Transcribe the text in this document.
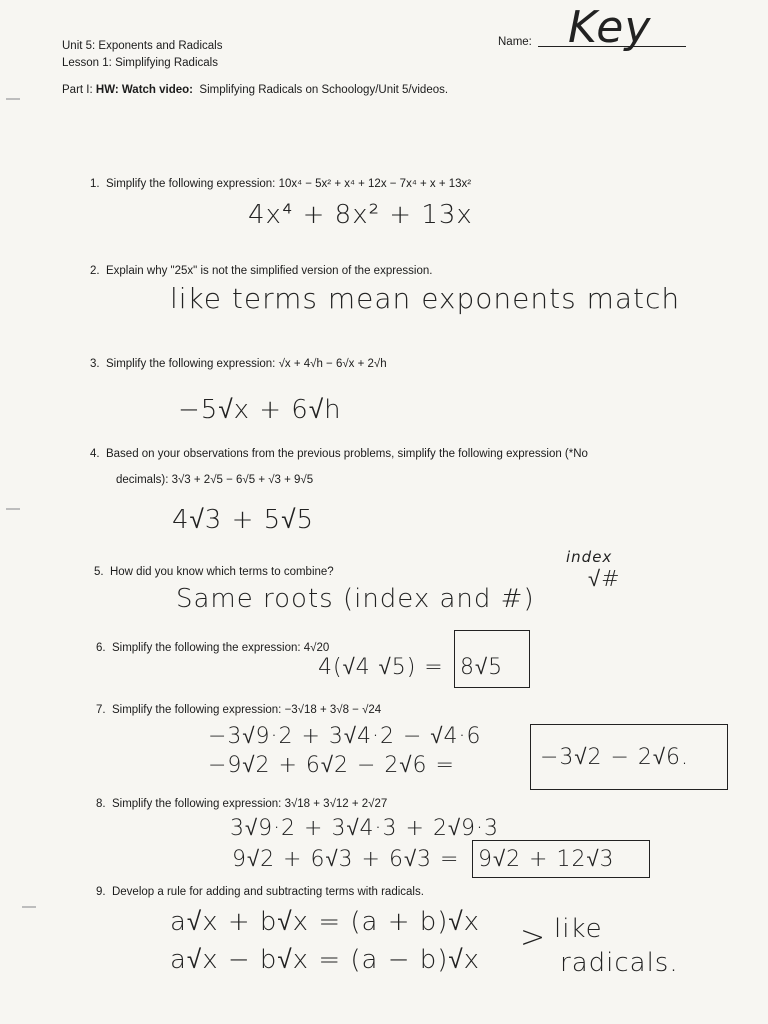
Unit 5: Exponents and Radicals
Lesson 1: Simplifying Radicals
Name: Key
Part I: HW: Watch video: Simplifying Radicals on Schoology/Unit 5/videos.
1. Simplify the following expression: 10x⁴ − 5x² + x⁴ + 12x − 7x⁴ + x + 13x²
4x⁴ + 8x² + 13x
2. Explain why "25x" is not the simplified version of the expression.
like terms mean exponents match
3. Simplify the following expression: √x + 4√h − 6√x + 2√h
−5√x + 6√h
4. Based on your observations from the previous problems, simplify the following expression (*No
decimals): 3√3 + 2√5 − 6√5 + √3 + 9√5
4√3 + 5√5
5. How did you know which terms to combine?
Same roots (index and #)
index
√#
6. Simplify the following the expression: 4√20
4(√4 √5) = 8√5
7. Simplify the following expression: −3√18 + 3√8 − √24
−3√9·2 + 3√4·2 − √4·6
−9√2 + 6√2 − 2√6 =	−3√2 − 2√6.
8. Simplify the following expression: 3√18 + 3√12 + 2√27
3√9·2 + 3√4·3 + 2√9·3
9√2 + 6√3 + 6√3 = 9√2 + 12√3
9. Develop a rule for adding and subtracting terms with radicals.
a√x + b√x = (a + b)√x
a√x − b√x = (a − b)√x
> like
radicals.
